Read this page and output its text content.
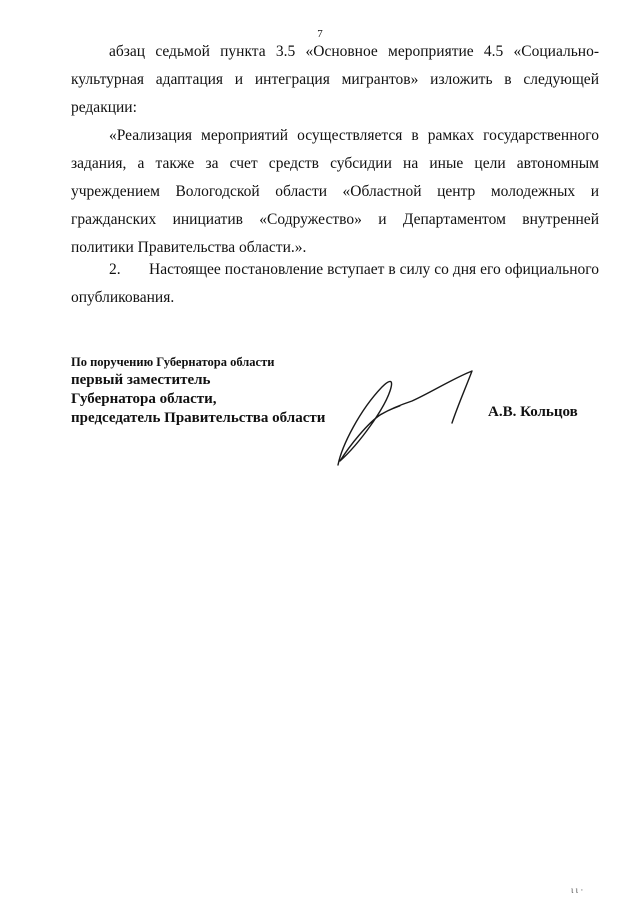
7
абзац седьмой пункта 3.5 «Основное мероприятие 4.5 «Социально-культурная адаптация и интеграция мигрантов» изложить в следующей редакции:
«Реализация мероприятий осуществляется в рамках государственного задания, а также за счет средств субсидии на иные цели автономным учреждением Вологодской области «Областной центр молодежных и гражданских инициатив «Содружество» и Департаментом внутренней политики Правительства области.».
2. Настоящее постановление вступает в силу со дня его официального опубликования.
По поручению Губернатора области
первый заместитель
Губернатора области,
председатель Правительства области	А.В. Кольцов
ι ι ·
